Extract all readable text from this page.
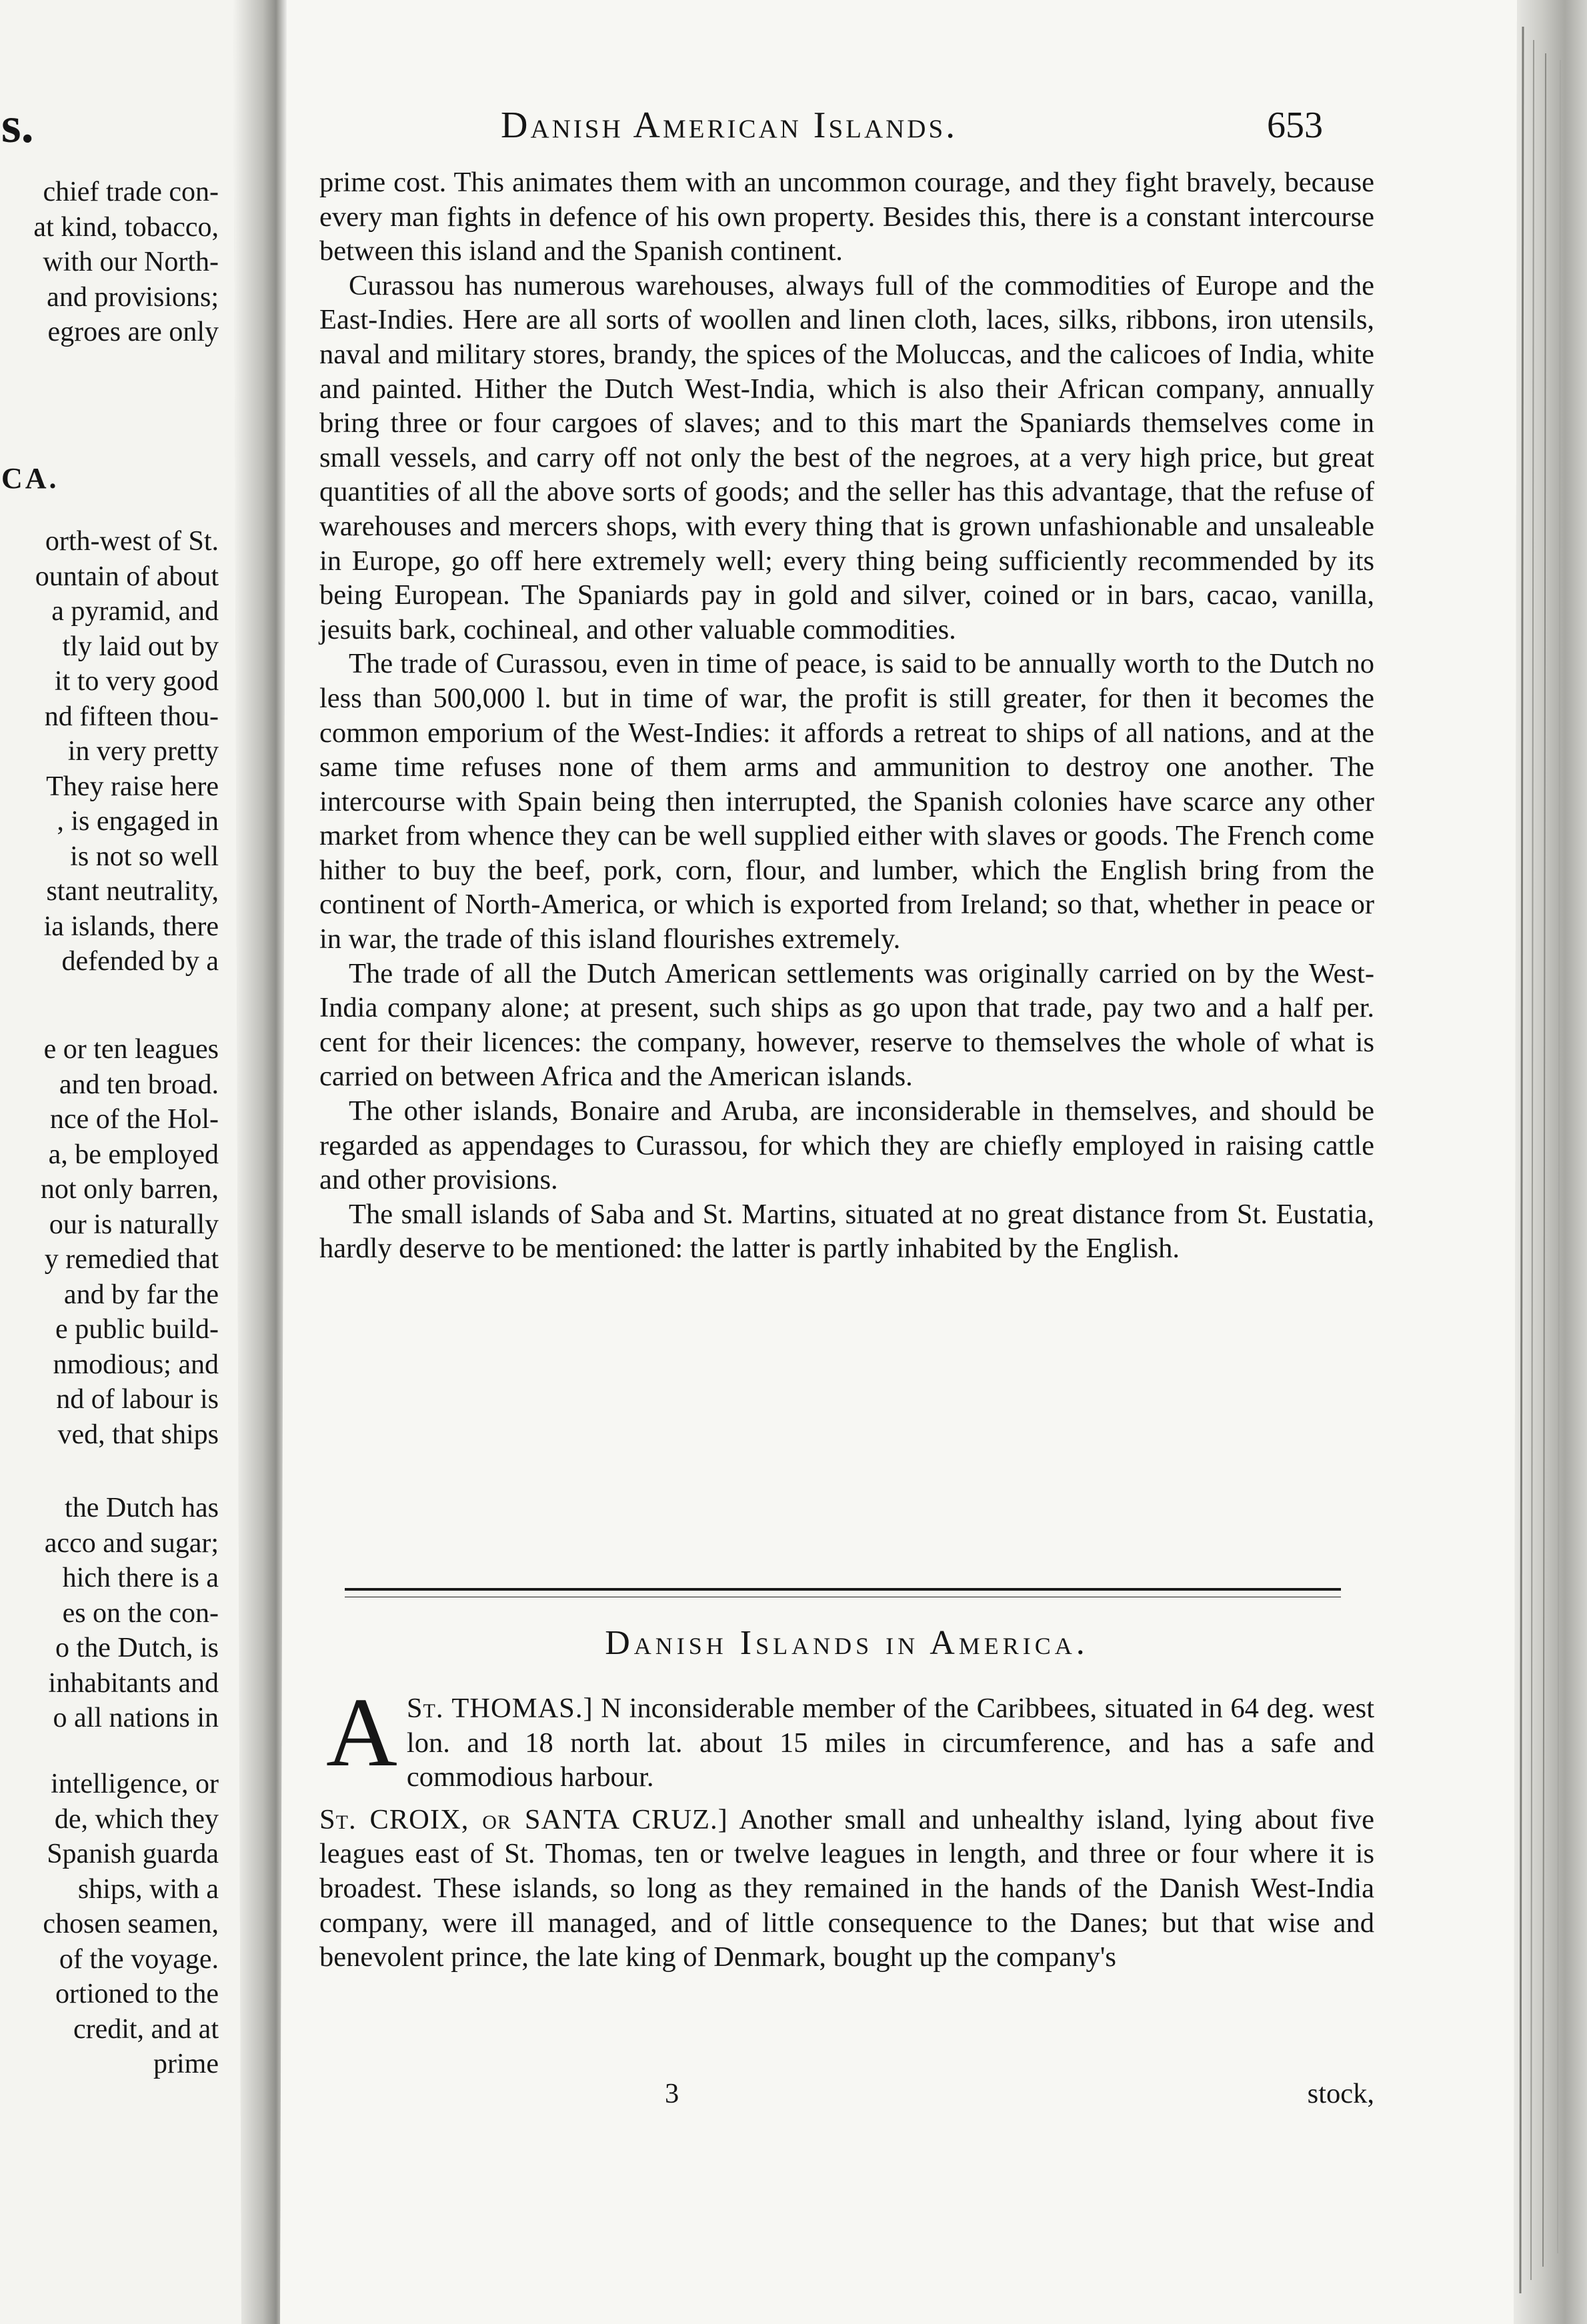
s.
chief trade con-
at kind, tobacco,
with our North-
and provisions;
egroes are only
CA.
orth-west of St.
ountain of about
a pyramid, and
tly laid out by
it to very good
nd fifteen thou-
in very pretty
They raise here
, is engaged in
is not so well
stant neutrality,
ia islands, there
defended by a
e or ten leagues
and ten broad.
nce of the Hol-
a, be employed
not only barren,
our is naturally
y remedied that
and by far the
e public build-
nmodious; and
nd of labour is
ved, that ships
the Dutch has
acco and sugar;
hich there is a
es on the con-
o the Dutch, is
inhabitants and
o all nations in
intelligence, or
de, which they
Spanish guarda
ships, with a
chosen seamen,
of the voyage.
ortioned to the
credit, and at
prime
Danish American Islands.	653

prime cost. This animates them with an uncommon courage, and they fight bravely, because every man fights in defence of his own property. Besides this, there is a constant intercourse between this island and the Spanish continent.

Curassou has numerous warehouses, always full of the commodities of Europe and the East-Indies. Here are all sorts of woollen and linen cloth, laces, silks, ribbons, iron utensils, naval and military stores, brandy, the spices of the Moluccas, and the calicoes of India, white and painted. Hither the Dutch West-India, which is also their African company, annually bring three or four cargoes of slaves; and to this mart the Spaniards themselves come in small vessels, and carry off not only the best of the negroes, at a very high price, but great quantities of all the above sorts of goods; and the seller has this advantage, that the refuse of warehouses and mercers shops, with every thing that is grown unfashionable and unsaleable in Europe, go off here extremely well; every thing being sufficiently recommended by its being European. The Spaniards pay in gold and silver, coined or in bars, cacao, vanilla, jesuits bark, cochineal, and other valuable commodities.

The trade of Curassou, even in time of peace, is said to be annually worth to the Dutch no less than 500,000 l. but in time of war, the profit is still greater, for then it becomes the common emporium of the West-Indies: it affords a retreat to ships of all nations, and at the same time refuses none of them arms and ammunition to destroy one another. The intercourse with Spain being then interrupted, the Spanish colonies have scarce any other market from whence they can be well supplied either with slaves or goods. The French come hither to buy the beef, pork, corn, flour, and lumber, which the English bring from the continent of North-America, or which is exported from Ireland; so that, whether in peace or in war, the trade of this island flourishes extremely.

The trade of all the Dutch American settlements was originally carried on by the West-India company alone; at present, such ships as go upon that trade, pay two and a half per. cent for their licences: the company, however, reserve to themselves the whole of what is carried on between Africa and the American islands.

The other islands, Bonaire and Aruba, are inconsiderable in themselves, and should be regarded as appendages to Curassou, for which they are chiefly employed in raising cattle and other provisions.

The small islands of Saba and St. Martins, situated at no great distance from St. Eustatia, hardly deserve to be mentioned: the latter is partly inhabited by the English.

Danish Islands in America.

St. THOMAS.]
A	N inconsiderable member of the Caribbees, situated in 64 deg. west lon. and 18 north lat. about 15 miles in circumference, and has a safe and commodious harbour.

St. CROIX, or SANTA CRUZ.] Another small and unhealthy island, lying about five leagues east of St. Thomas, ten or twelve leagues in length, and three or four where it is broadest. These islands, so long as they remained in the hands of the Danish West-India company, were ill managed, and of little consequence to the Danes; but that wise and benevolent prince, the late king of Denmark, bought up the company's

3	stock,
